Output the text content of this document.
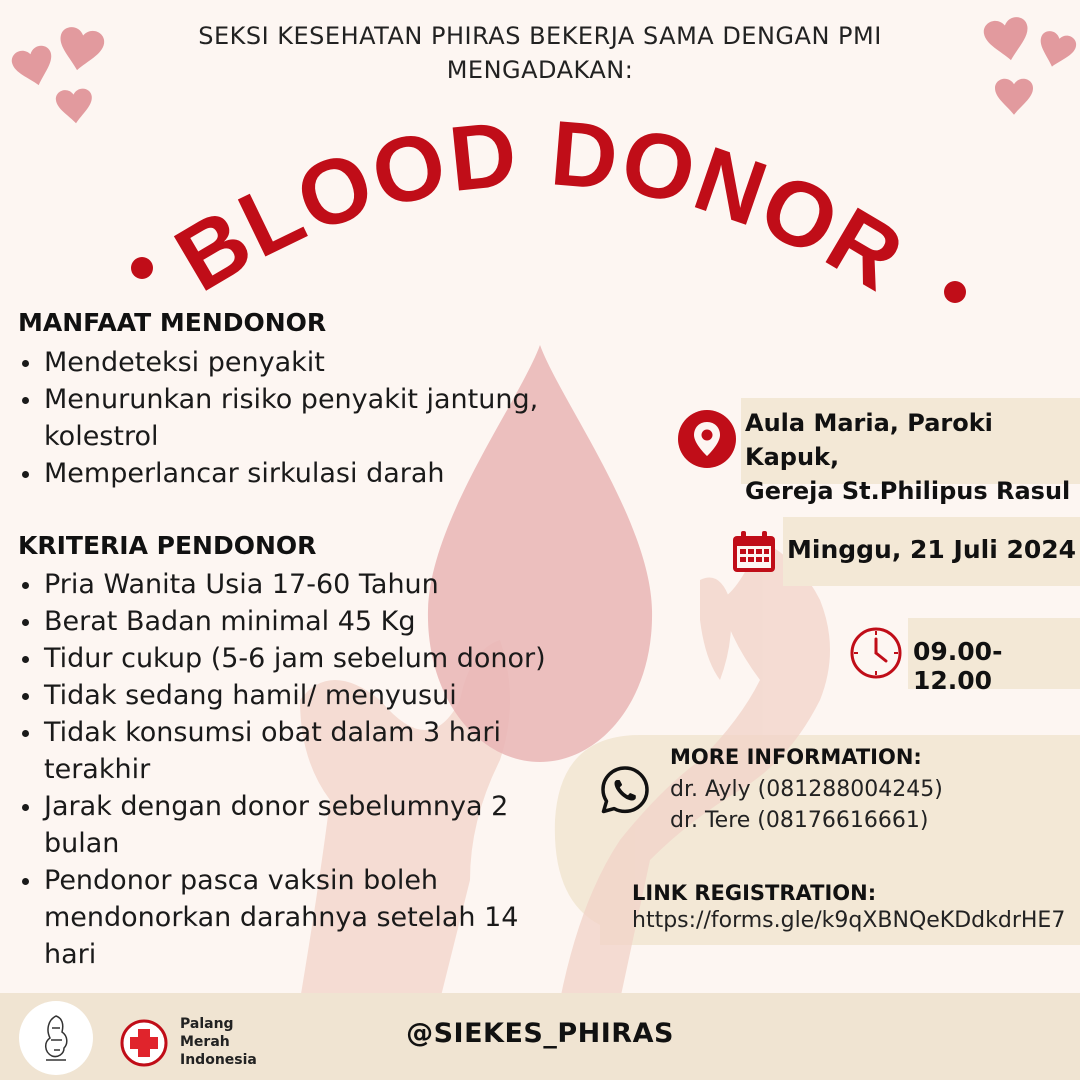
SEKSI KESEHATAN PHIRAS BEKERJA SAMA DENGAN PMI
MENGADAKAN:
BLOOD DONOR
MANFAAT MENDONOR
Mendeteksi penyakit
Menurunkan risiko penyakit jantung,
kolestrol
Memperlancar sirkulasi darah
KRITERIA PENDONOR
Pria Wanita Usia 17-60 Tahun
Berat Badan minimal 45 Kg
Tidur cukup (5-6 jam sebelum donor)
Tidak sedang hamil/ menyusui
Tidak konsumsi obat dalam 3 hari
terakhir
Jarak dengan donor sebelumnya 2
bulan
Pendonor pasca vaksin boleh
mendonorkan darahnya setelah 14
hari
Aula Maria, Paroki Kapuk,
Gereja St.Philipus Rasul
Minggu, 21 Juli 2024
09.00-12.00
MORE INFORMATION:
dr. Ayly (081288004245)
dr. Tere (08176616661)
LINK REGISTRATION:
https://forms.gle/k9qXBNQeKDdkdrHE7
Palang
Merah
Indonesia
@SIEKES_PHIRAS
